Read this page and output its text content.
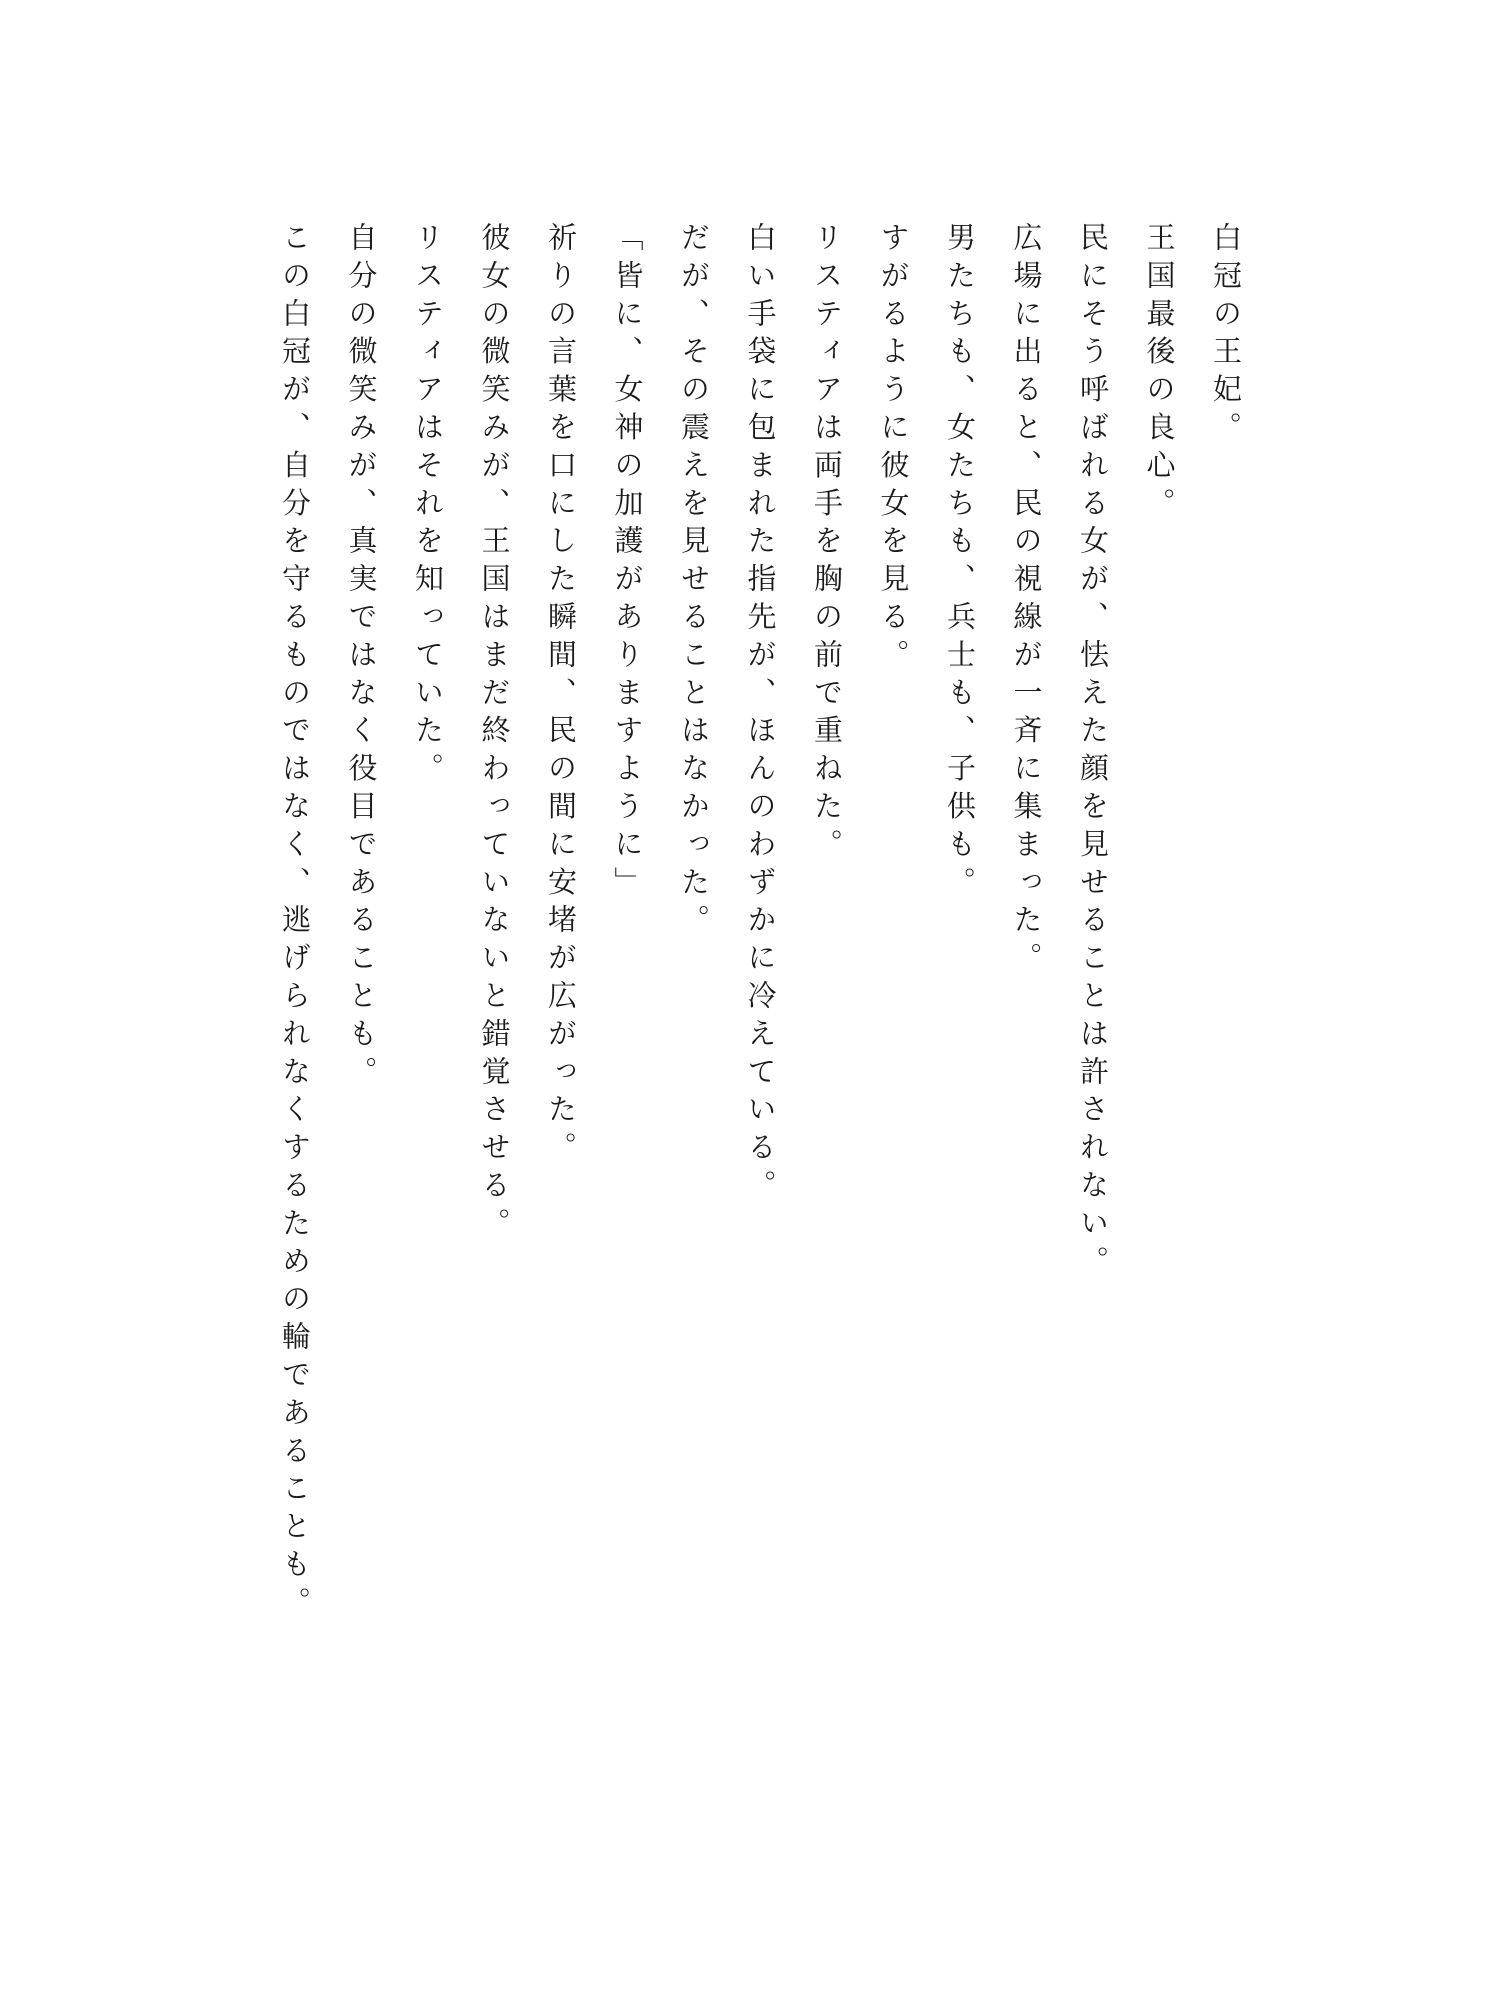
白冠の王妃。
王国最後の良心。
民にそう呼ばれる女が、怯えた顔を見せることは許されない。
広場に出ると、民の視線が一斉に集まった。
男たちも、女たちも、兵士も、子供も。
すがるように彼女を見る。
リスティアは両手を胸の前で重ねた。
白い手袋に包まれた指先が、ほんのわずかに冷えている。
だが、その震えを見せることはなかった。
「皆に、女神の加護がありますように」
祈りの言葉を口にした瞬間、民の間に安堵が広がった。
彼女の微笑みが、王国はまだ終わっていないと錯覚させる。
リスティアはそれを知っていた。
自分の微笑みが、真実ではなく役目であることも。
この白冠が、自分を守るものではなく、逃げられなくするための輪であることも。
